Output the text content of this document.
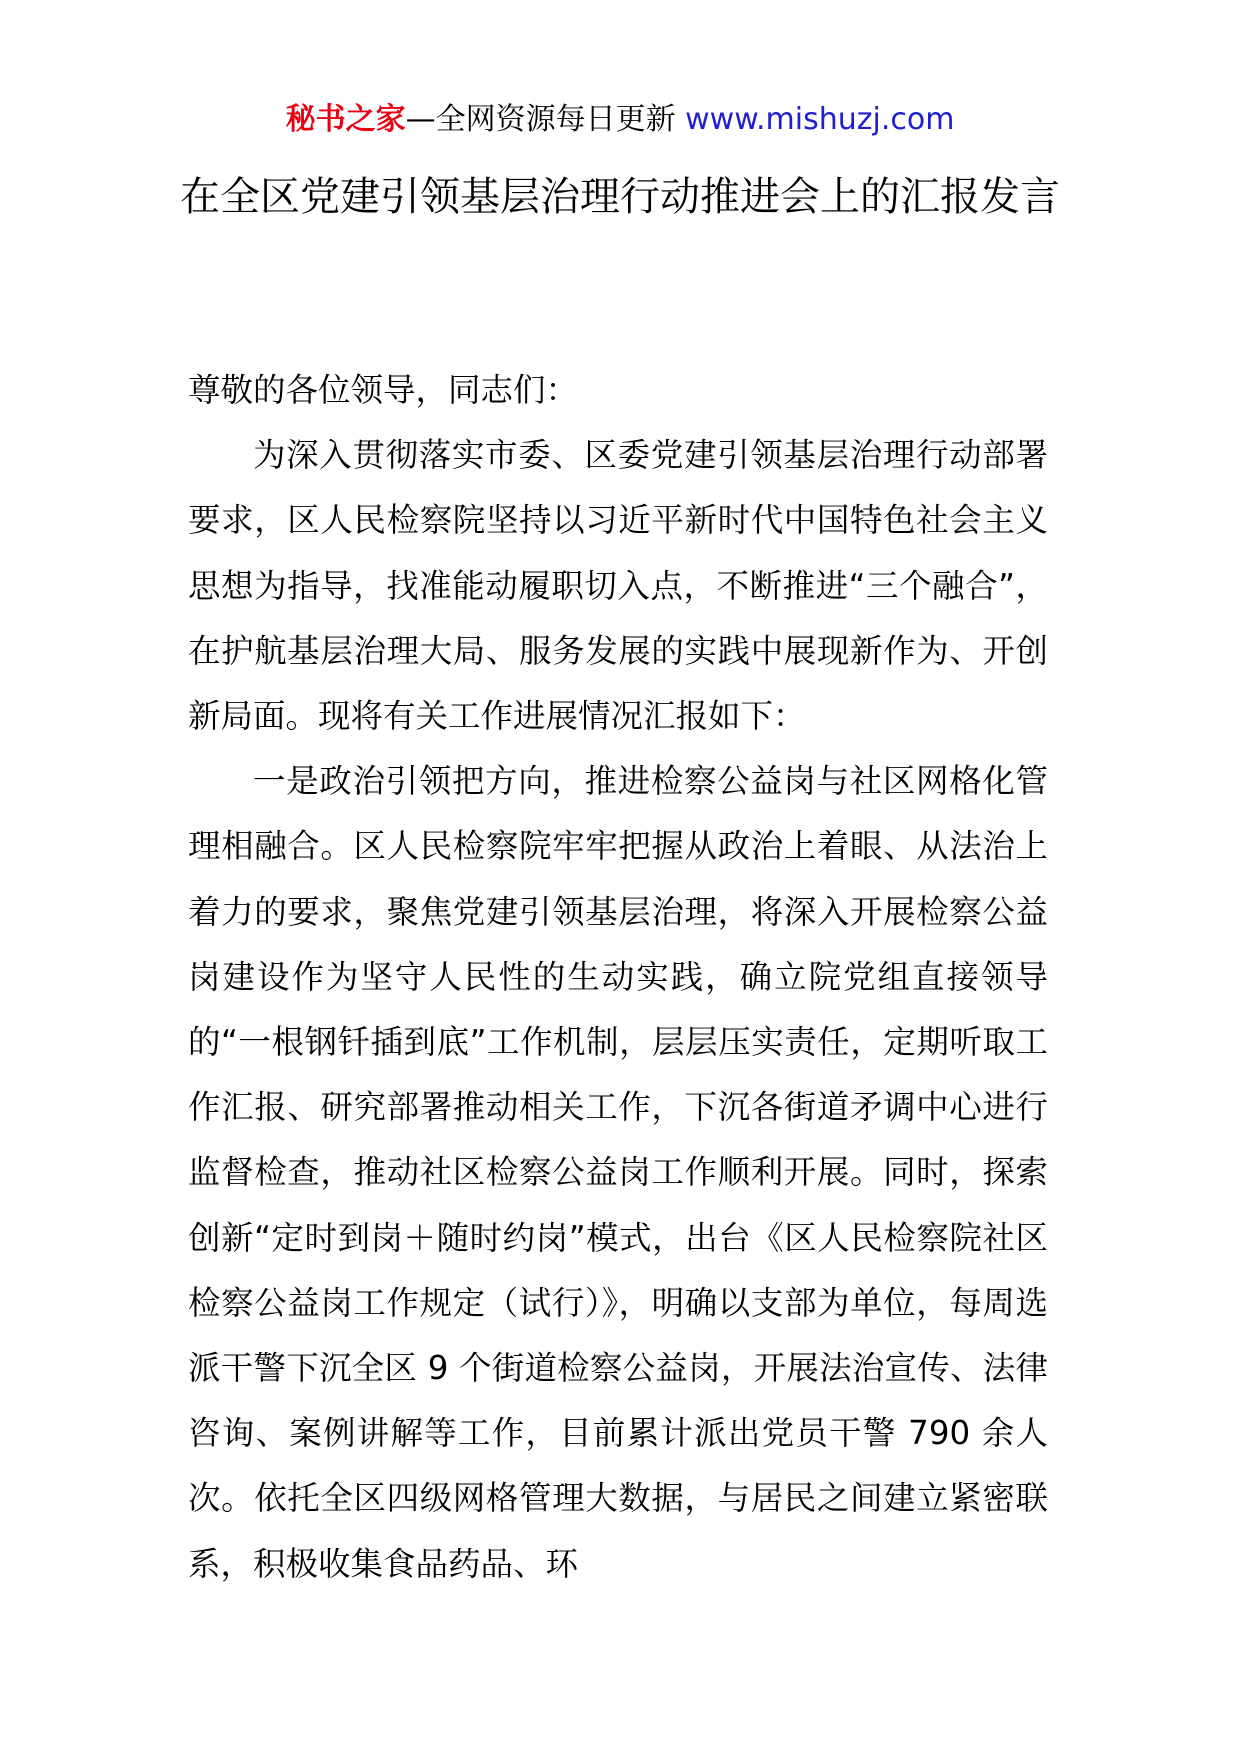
秘书之家—全网资源每日更新 www.mishuzj.com
在全区党建引领基层治理行动推进会上的汇报发言

尊敬的各位领导，同志们：

为深入贯彻落实市委、区委党建引领基层治理行动部署要求，区人民检察院坚持以习近平新时代中国特色社会主义思想为指导，找准能动履职切入点，不断推进“三个融合”，在护航基层治理大局、服务发展的实践中展现新作为、开创新局面。现将有关工作进展情况汇报如下：

一是政治引领把方向，推进检察公益岗与社区网格化管理相融合。区人民检察院牢牢把握从政治上着眼、从法治上着力的要求，聚焦党建引领基层治理，将深入开展检察公益岗建设作为坚守人民性的生动实践，确立院党组直接领导的“一根钢钎插到底”工作机制，层层压实责任，定期听取工作汇报、研究部署推动相关工作，下沉各街道矛调中心进行监督检查，推动社区检察公益岗工作顺利开展。同时，探索创新“定时到岗＋随时约岗”模式，出台《区人民检察院社区检察公益岗工作规定（试行）》，明确以支部为单位，每周选派干警下沉全区 9 个街道检察公益岗，开展法治宣传、法律咨询、案例讲解等工作，目前累计派出党员干警 790 余人次。依托全区四级网格管理大数据，与居民之间建立紧密联系，积极收集食品药品、环
